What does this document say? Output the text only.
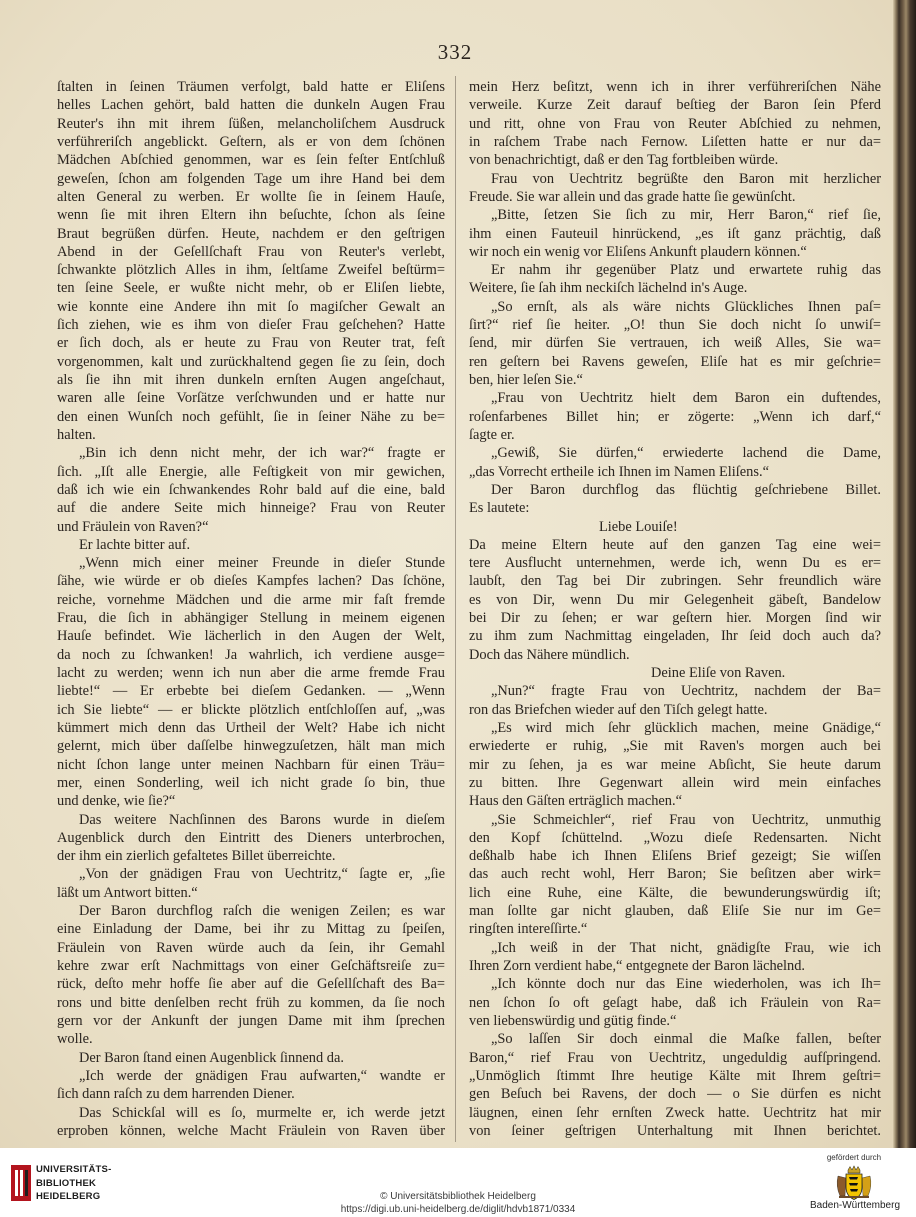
332
ſtalten in ſeinen Träumen verfolgt, bald hatte er Eliſens
helles Lachen gehört, bald hatten die dunkeln Augen Frau
Reuter's ihn mit ihrem ſüßen, melancholiſchem Ausdruck
verführeriſch angeblickt. Geſtern, als er von dem ſchönen
Mädchen Abſchied genommen, war es ſein feſter Entſchluß
geweſen, ſchon am folgenden Tage um ihre Hand bei dem
alten General zu werben. Er wollte ſie in ſeinem Hauſe,
wenn ſie mit ihren Eltern ihn beſuchte, ſchon als ſeine
Braut begrüßen dürfen. Heute, nachdem er den geſtrigen
Abend in der Geſellſchaft Frau von Reuter's verlebt,
ſchwankte plötzlich Alles in ihm, ſeltſame Zweifel beſtürm=
ten ſeine Seele, er wußte nicht mehr, ob er Eliſen liebte,
wie konnte eine Andere ihn mit ſo magiſcher Gewalt an
ſich ziehen, wie es ihm von dieſer Frau geſchehen? Hatte
er ſich doch, als er heute zu Frau von Reuter trat, feſt
vorgenommen, kalt und zurückhaltend gegen ſie zu ſein, doch
als ſie ihn mit ihren dunkeln ernſten Augen angeſchaut,
waren alle ſeine Vorſätze verſchwunden und er hatte nur
den einen Wunſch noch gefühlt, ſie in ſeiner Nähe zu be=
halten.
„Bin ich denn nicht mehr, der ich war?“ fragte er
ſich. „Iſt alle Energie, alle Feſtigkeit von mir gewichen,
daß ich wie ein ſchwankendes Rohr bald auf die eine, bald
auf die andere Seite mich hinneige? Frau von Reuter
und Fräulein von Raven?“
Er lachte bitter auf.
„Wenn mich einer meiner Freunde in dieſer Stunde
ſähe, wie würde er ob dieſes Kampfes lachen? Das ſchöne,
reiche, vornehme Mädchen und die arme mir faſt fremde
Frau, die ſich in abhängiger Stellung in meinem eigenen
Hauſe befindet. Wie lächerlich in den Augen der Welt,
da noch zu ſchwanken! Ja wahrlich, ich verdiene ausge=
lacht zu werden; wenn ich nun aber die arme fremde Frau
liebte!“ — Er erbebte bei dieſem Gedanken. — „Wenn
ich Sie liebte“ — er blickte plötzlich entſchloſſen auf, „was
kümmert mich denn das Urtheil der Welt? Habe ich nicht
gelernt, mich über daſſelbe hinwegzuſetzen, hält man mich
nicht ſchon lange unter meinen Nachbarn für einen Träu=
mer, einen Sonderling, weil ich nicht grade ſo bin, thue
und denke, wie ſie?“
Das weitere Nachſinnen des Barons wurde in dieſem
Augenblick durch den Eintritt des Dieners unterbrochen,
der ihm ein zierlich gefaltetes Billet überreichte.
„Von der gnädigen Frau von Uechtritz,“ ſagte er, „ſie
läßt um Antwort bitten.“
Der Baron durchflog raſch die wenigen Zeilen; es war
eine Einladung der Dame, bei ihr zu Mittag zu ſpeiſen,
Fräulein von Raven würde auch da ſein, ihr Gemahl
kehre zwar erſt Nachmittags von einer Geſchäftsreiſe zu=
rück, deſto mehr hoffe ſie aber auf die Geſellſchaft des Ba=
rons und bitte denſelben recht früh zu kommen, da ſie noch
gern vor der Ankunft der jungen Dame mit ihm ſprechen
wolle.
Der Baron ſtand einen Augenblick ſinnend da.
„Ich werde der gnädigen Frau aufwarten,“ wandte er
ſich dann raſch zu dem harrenden Diener.
Das Schickſal will es ſo, murmelte er, ich werde jetzt
erproben können, welche Macht Fräulein von Raven über
mein Herz beſitzt, wenn ich in ihrer verführeriſchen Nähe
verweile. Kurze Zeit darauf beſtieg der Baron ſein Pferd
und ritt, ohne von Frau von Reuter Abſchied zu nehmen,
in raſchem Trabe nach Fernow. Liſetten hatte er nur da=
von benachrichtigt, daß er den Tag fortbleiben würde.
Frau von Uechtritz begrüßte den Baron mit herzlicher
Freude. Sie war allein und das grade hatte ſie gewünſcht.
„Bitte, ſetzen Sie ſich zu mir, Herr Baron,“ rief ſie,
ihm einen Fauteuil hinrückend, „es iſt ganz prächtig, daß
wir noch ein wenig vor Eliſens Ankunft plaudern können.“
Er nahm ihr gegenüber Platz und erwartete ruhig das
Weitere, ſie ſah ihm neckiſch lächelnd in's Auge.
„So ernſt, als als wäre nichts Glückliches Ihnen paſ=
ſirt?“ rief ſie heiter. „O! thun Sie doch nicht ſo unwiſ=
ſend, mir dürfen Sie vertrauen, ich weiß Alles, Sie wa=
ren geſtern bei Ravens geweſen, Eliſe hat es mir geſchrie=
ben, hier leſen Sie.“
„Frau von Uechtritz hielt dem Baron ein duftendes,
roſenfarbenes Billet hin; er zögerte: „Wenn ich darf,“
ſagte er.
„Gewiß, Sie dürfen,“ erwiederte lachend die Dame,
„das Vorrecht ertheile ich Ihnen im Namen Eliſens.“
Der Baron durchflog das flüchtig geſchriebene Billet.
Es lautete:
Liebe Louiſe!
Da meine Eltern heute auf den ganzen Tag eine wei=
tere Ausflucht unternehmen, werde ich, wenn Du es er=
laubſt, den Tag bei Dir zubringen. Sehr freundlich wäre
es von Dir, wenn Du mir Gelegenheit gäbeſt, Bandelow
bei Dir zu ſehen; er war geſtern hier. Morgen ſind wir
zu ihm zum Nachmittag eingeladen, Ihr ſeid doch auch da?
Doch das Nähere mündlich.
Deine Eliſe von Raven.
„Nun?“ fragte Frau von Uechtritz, nachdem der Ba=
ron das Briefchen wieder auf den Tiſch gelegt hatte.
„Es wird mich ſehr glücklich machen, meine Gnädige,“
erwiederte er ruhig, „Sie mit Raven's morgen auch bei
mir zu ſehen, ja es war meine Abſicht, Sie heute darum
zu bitten. Ihre Gegenwart allein wird mein einfaches
Haus den Gäſten erträglich machen.“
„Sie Schmeichler“, rief Frau von Uechtritz, unmuthig
den Kopf ſchüttelnd. „Wozu dieſe Redensarten. Nicht
deßhalb habe ich Ihnen Eliſens Brief gezeigt; Sie wiſſen
das auch recht wohl, Herr Baron; Sie beſitzen aber wirk=
lich eine Ruhe, eine Kälte, die bewunderungswürdig iſt;
man ſollte gar nicht glauben, daß Eliſe Sie nur im Ge=
ringſten intereſſirte.“
„Ich weiß in der That nicht, gnädigſte Frau, wie ich
Ihren Zorn verdient habe,“ entgegnete der Baron lächelnd.
„Ich könnte doch nur das Eine wiederholen, was ich Ih=
nen ſchon ſo oft geſagt habe, daß ich Fräulein von Ra=
ven liebenswürdig und gütig finde.“
„So laſſen Sir doch einmal die Maſke fallen, beſter
Baron,“ rief Frau von Uechtritz, ungeduldig aufſpringend.
„Unmöglich ſtimmt Ihre heutige Kälte mit Ihrem geſtri=
gen Beſuch bei Ravens, der doch — o Sie dürfen es nicht
läugnen, einen ſehr ernſten Zweck hatte. Uechtritz hat mir
von ſeiner geſtrigen Unterhaltung mit Ihnen berichtet.
UNIVERSITÄTS-
BIBLIOTHEK
HEIDELBERG	© Universitätsbibliothek Heidelberg
https://digi.ub.uni-heidelberg.de/diglit/hdvb1871/0334
gefördert durch
Baden-Württemberg
